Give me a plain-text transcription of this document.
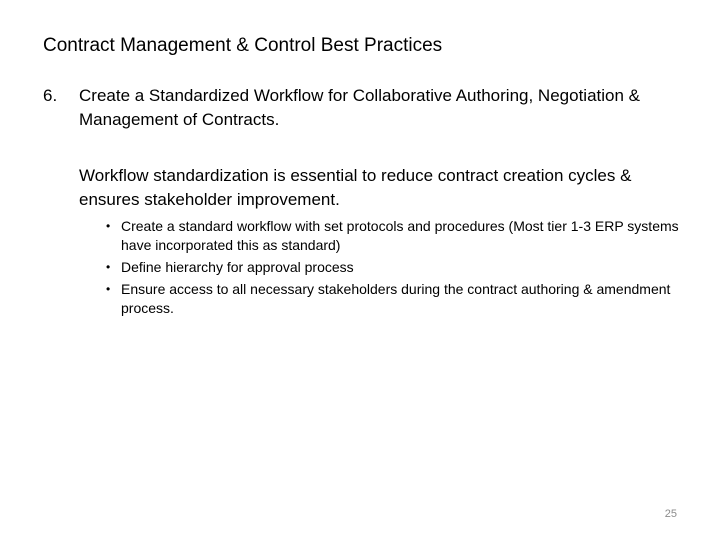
Contract Management & Control Best Practices
6. Create a Standardized Workflow for Collaborative Authoring, Negotiation & Management of Contracts.
Workflow standardization is essential to reduce contract creation cycles & ensures stakeholder improvement.
• Create a standard workflow with set protocols and procedures (Most tier 1-3 ERP systems have incorporated this as standard)
• Define hierarchy for approval process
• Ensure access to all necessary stakeholders during the contract authoring & amendment process.
25
